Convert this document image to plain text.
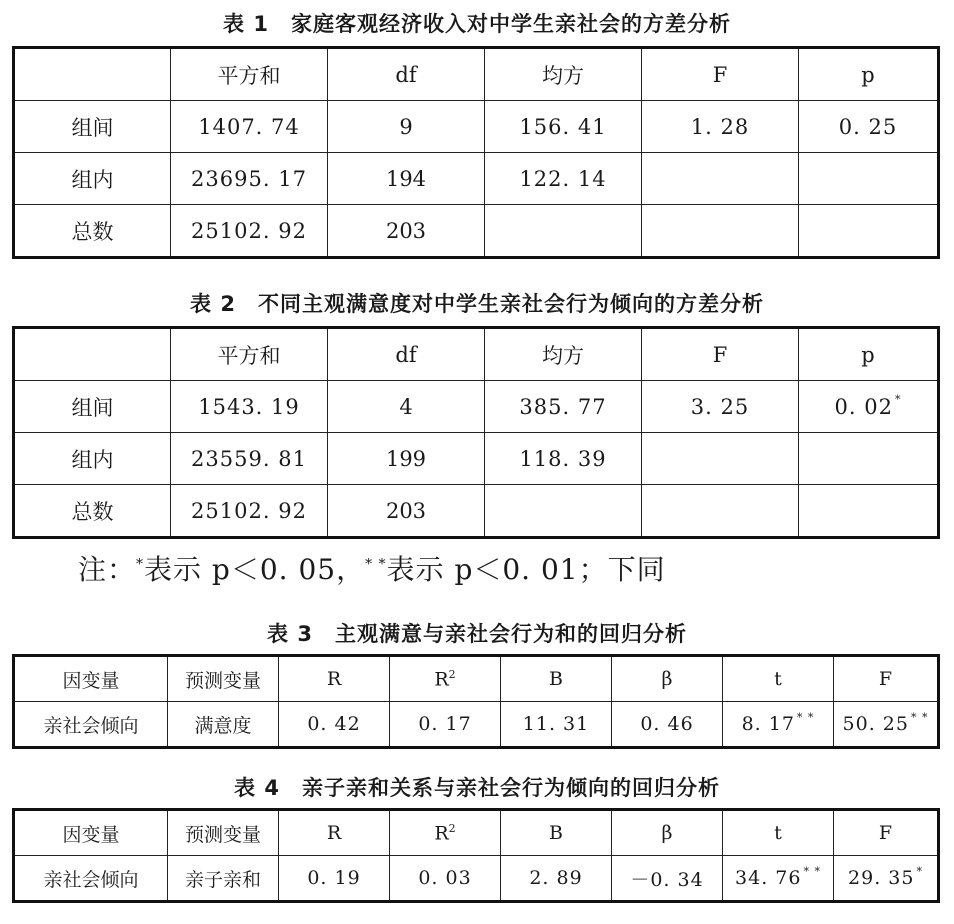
表 1　家庭客观经济收入对中学生亲社会的方差分析
	平方和	df	均方	F	p
组间	1407. 74	9	156. 41	1. 28	0. 25
组内	23695. 17	194	122. 14		
总数	25102. 92	203			
表 2　不同主观满意度对中学生亲社会行为倾向的方差分析
	平方和	df	均方	F	p
组间	1543. 19	4	385. 77	3. 25	0. 02 *
组内	23559. 81	199	118. 39		
总数	25102. 92	203			
注：*表示 p＜0. 05，* *表示 p＜0. 01；下同
表 3　主观满意与亲社会行为和的回归分析
因变量	预测变量	R	$R^2$	B	β	t	F
亲社会倾向	满意度	0. 42	0. 17	11. 31	0. 46	8. 17 * *	50. 25 * *
表 4　亲子亲和关系与亲社会行为倾向的回归分析
因变量	预测变量	R	$R^2$	B	β	t	F
亲社会倾向	亲子亲和	0. 19	0. 03	2. 89	－0. 34	34. 76 * *	29. 35 *
